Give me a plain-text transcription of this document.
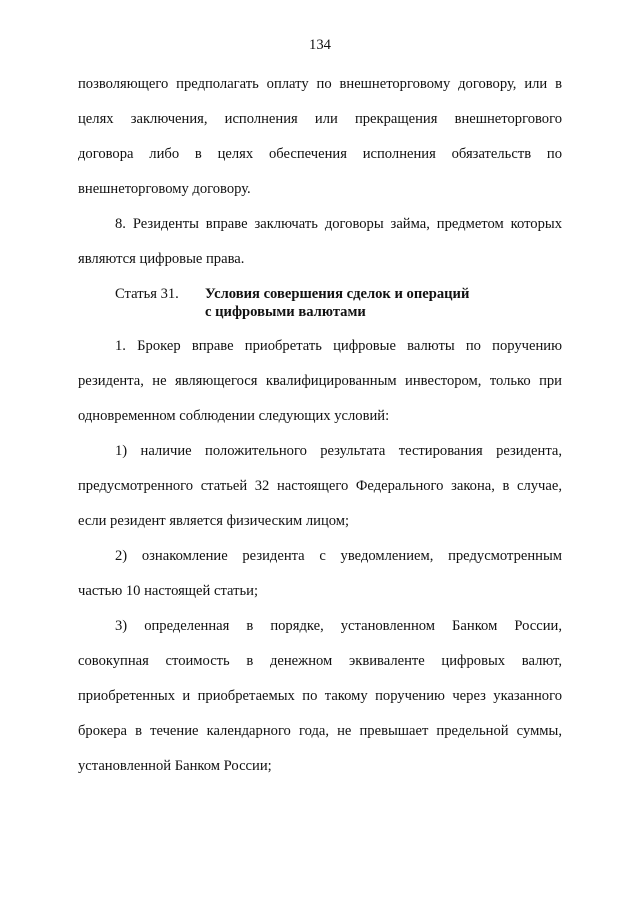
134
позволяющего предполагать оплату по внешнеторговому договору, или в
целях заключения, исполнения или прекращения внешнеторгового
договора либо в целях обеспечения исполнения обязательств по
внешнеторговому договору.
8. Резиденты вправе заключать договоры займа, предметом которых
являются цифровые права.
Статья 31. Условия совершения сделок и операций
с цифровыми валютами
1. Брокер вправе приобретать цифровые валюты по поручению
резидента, не являющегося квалифицированным инвестором, только при
одновременном соблюдении следующих условий:
1) наличие положительного результата тестирования резидента,
предусмотренного статьей 32 настоящего Федерального закона, в случае,
если резидент является физическим лицом;
2) ознакомление резидента с уведомлением, предусмотренным
частью 10 настоящей статьи;
3) определенная в порядке, установленном Банком России,
совокупная стоимость в денежном эквиваленте цифровых валют,
приобретенных и приобретаемых по такому поручению через указанного
брокера в течение календарного года, не превышает предельной суммы,
установленной Банком России;
